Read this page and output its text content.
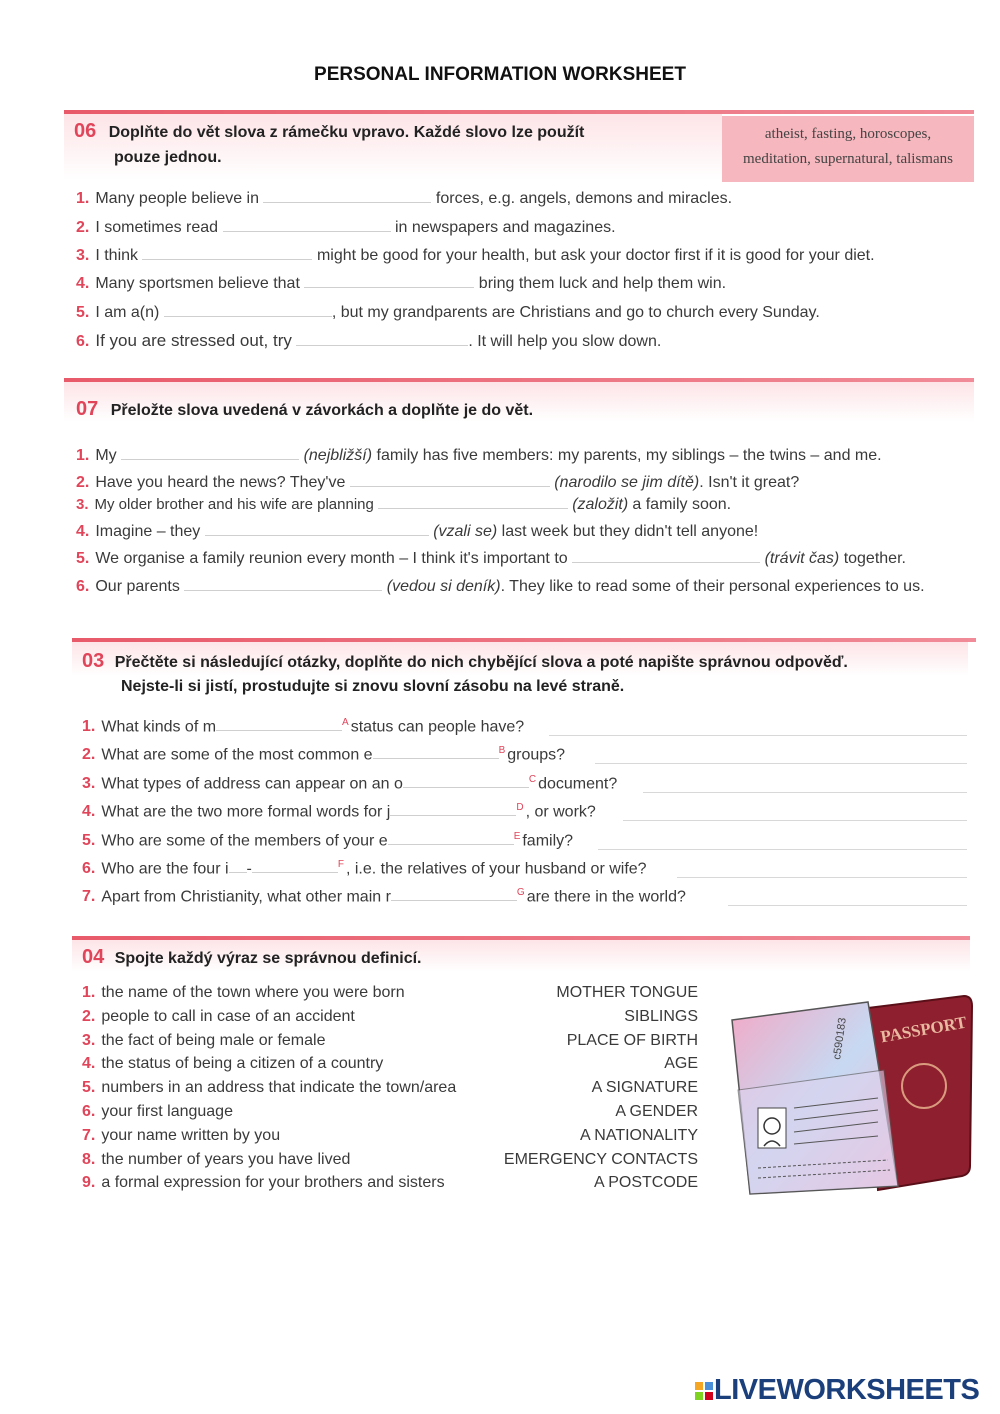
PERSONAL INFORMATION WORKSHEET
06 Doplňte do vět slova z rámečku vpravo. Každé slovo lze použít
pouze jednou.
atheist, fasting, horoscopes,
meditation, supernatural, talismans
1. Many people believe in	forces, e.g. angels, demons and miracles.
2. I sometimes read	in newspapers and magazines.
3. I think	might be good for your health, but ask your doctor first if it is good for your diet.
4. Many sportsmen believe that	bring them luck and help them win.
5. I am a(n)	, but my grandparents are Christians and go to church every Sunday.
6. If you are stressed out, try	. It will help you slow down.
07 Přeložte slova uvedená v závorkách a doplňte je do vět.
1. My	(nejbližší) family has five members: my parents, my siblings – the twins – and me.
2. Have you heard the news? They've	(narodilo se jim dítě). Isn't it great?
3. My older brother and his wife are planning	(založit) a family soon.
4. Imagine – they	(vzali se) last week but they didn't tell anyone!
5. We organise a family reunion every month – I think it's important to	(trávit čas) together.
6. Our parents	(vedou si deník). They like to read some of their personal experiences to us.
03 Přečtěte si následující otázky, doplňte do nich chybějící slova a poté napište správnou odpověď.
Nejste-li si jistí, prostudujte si znovu slovní zásobu na levé straně.
1. What kinds of m	$^A$ status can people have?
2. What are some of the most common e	$^B$ groups?
3. What types of address can appear on an o	$^C$ document?
4. What are the two more formal words for j	$^D$ , or work?
5. Who are some of the members of your e	$^E$ family?
6. Who are the four i -	$^F$ , i.e. the relatives of your husband or wife?
7. Apart from Christianity, what other main r	$^G$ are there in the world?
04 Spojte každý výraz se správnou definicí.
1. the name of the town where you were born	MOTHER TONGUE
2. people to call in case of an accident	SIBLINGS
3. the fact of being male or female	PLACE OF BIRTH
4. the status of being a citizen of a country	AGE
5. numbers in an address that indicate the town/area	A SIGNATURE
6. your first language	A GENDER
7. your name written by you	A NATIONALITY
8. the number of years you have lived	EMERGENCY CONTACTS
9. a formal expression for your brothers and sisters	A POSTCODE
PASSPORT
c590183

LIVEWORKSHEETS
